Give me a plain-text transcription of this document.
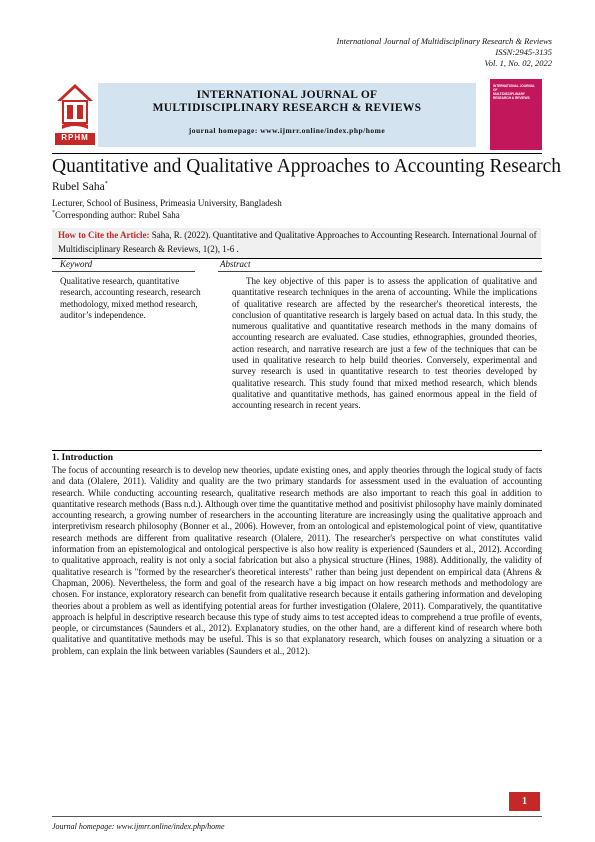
International Journal of Multidisciplinary Research & Reviews
ISSN:2945-3135
Vol. 1, No. 02, 2022
RPHM
INTERNATIONAL JOURNAL OF
MULTIDISCIPLINARY RESEARCH & REVIEWS
journal homepage: www.ijmrr.online/index.php/home
INTERNATIONAL JOURNAL OF
MULTIDISCIPLINARY
RESEARCH & REVIEWS
Quantitative and Qualitative Approaches to Accounting Research
Rubel Saha*
Lecturer, School of Business, Primeasia University, Bangladesh
*Corresponding author: Rubel Saha
How to Cite the Article: Saha, R. (2022). Quantitative and Qualitative Approaches to Accounting Research. International Journal of Multidisciplinary Research & Reviews, 1(2), 1-6 .
Keyword	Abstract
Qualitative research, quantitative research, accounting research, research methodology, mixed method research, auditor’s independence.
The key objective of this paper is to assess the application of qualitative and quantitative research techniques in the arena of accounting. While the implications of qualitative research are affected by the researcher's theoretical interests, the conclusion of quantitative research is largely based on actual data. In this study, the numerous qualitative and quantitative research methods in the many domains of accounting research are evaluated. Case studies, ethnographies, grounded theories, action research, and narrative research are just a few of the techniques that can be used in qualitative research to help build theories. Conversely, experimental and survey research is used in quantitative research to test theories developed by qualitative research. This study found that mixed method research, which blends qualitative and quantitative methods, has gained enormous appeal in the field of accounting research in recent years.
1. Introduction
The focus of accounting research is to develop new theories, update existing ones, and apply theories through the logical study of facts and data (Olalere, 2011). Validity and quality are the two primary standards for assessment used in the evaluation of accounting research. While conducting accounting research, qualitative research methods are also important to reach this goal in addition to quantitative research methods (Bass n.d.). Although over time the quantitative method and positivist philosophy have mainly dominated accounting research, a growing number of researchers in the accounting literature are increasingly using the qualitative approach and interpretivism research philosophy (Bonner et al., 2006). However, from an ontological and epistemological point of view, quantitative research methods are different from qualitative research (Olalere, 2011). The researcher's perspective on what constitutes valid information from an epistemological and ontological perspective is also how reality is experienced (Saunders et al., 2012). According to qualitative approach, reality is not only a social fabrication but also a physical structure (Hines, 1988). Additionally, the validity of qualitative research is "formed by the researcher's theoretical interests" rather than being just dependent on empirical data (Ahrens & Chapman, 2006). Nevertheless, the form and goal of the research have a big impact on how research methods and methodology are chosen. For instance, exploratory research can benefit from qualitative research because it entails gathering information and developing theories about a problem as well as identifying potential areas for further investigation (Olalere, 2011). Comparatively, the quantitative approach is helpful in descriptive research because this type of study aims to test accepted ideas to comprehend a true profile of events, people, or circumstances (Saunders et al., 2012). Explanatory studies, on the other hand, are a different kind of research where both qualitative and quantitative methods may be useful. This is so that explanatory research, which fouses on analyzing a situation or a problem, can explain the link between variables (Saunders et al., 2012).
1
Journal homepage: www.ijmrr.online/index.php/home
